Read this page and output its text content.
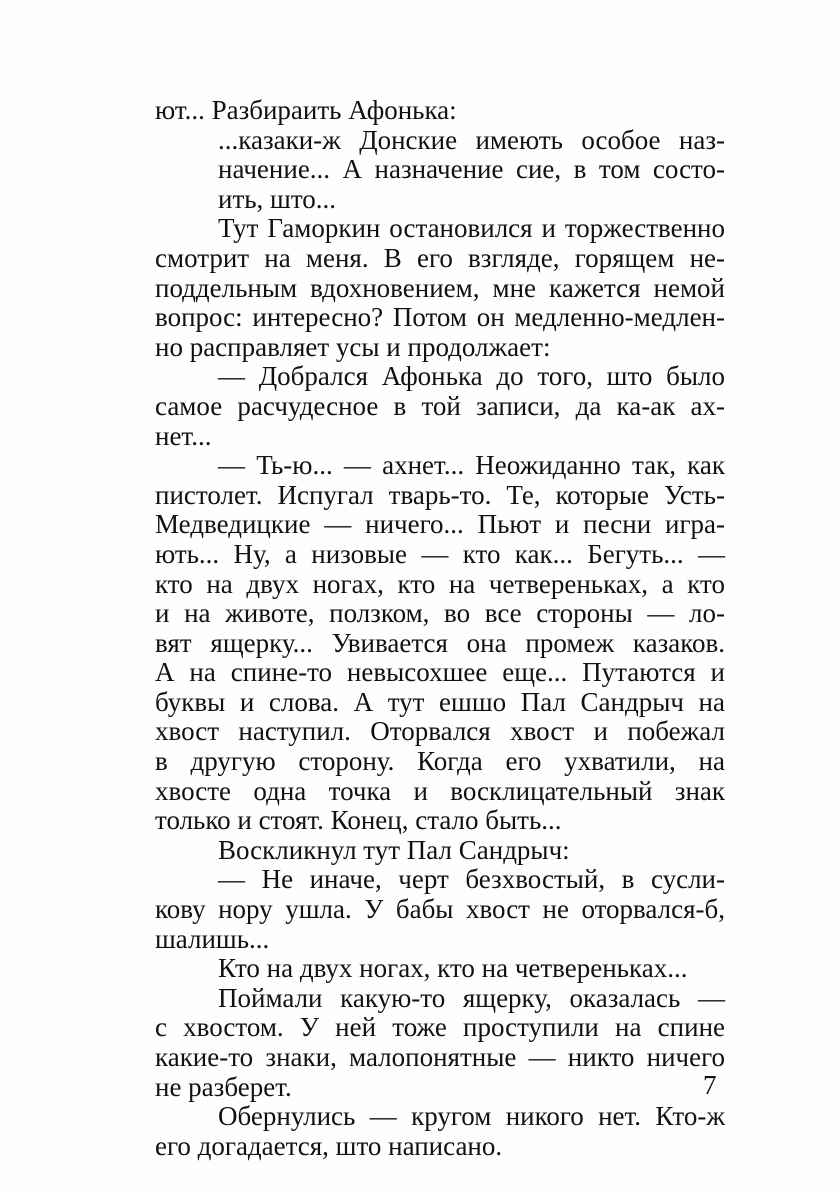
ют... Разбираить Афонька:
...казаки-ж Донские имеють особое наз-
начение... А назначение сие, в том состо-
ить, што...
Тут Гаморкин остановился и торжественно
смотрит на меня. В его взгляде, горящем не-
поддельным вдохновением, мне кажется немой
вопрос: интересно? Потом он медленно-медлен-
но расправляет усы и продолжает:
— Добрался Афонька до того, што было
самое расчудесное в той записи, да ка-ак ах-
нет...
— Ть-ю... — ахнет... Неожиданно так, как
пистолет. Испугал тварь-то. Те, которые Усть-
Медведицкие — ничего... Пьют и песни игра-
ють... Ну, а низовые — кто как... Бегуть... —
кто на двух ногах, кто на четвереньках, а кто
и на животе, ползком, во все стороны — ло-
вят ящерку... Увивается она промеж казаков.
А на спине-то невысохшее еще... Путаются и
буквы и слова. А тут ешшо Пал Сандрыч на
хвост наступил. Оторвался хвост и побежал
в другую сторону. Когда его ухватили, на
хвосте одна точка и восклицательный знак
только и стоят. Конец, стало быть...
Воскликнул тут Пал Сандрыч:
— Не иначе, черт безхвостый, в сусли-
кову нору ушла. У бабы хвост не оторвался-б,
шалишь...
Кто на двух ногах, кто на четвереньках...
Поймали какую-то ящерку, оказалась —
с хвостом. У ней тоже проступили на спине
какие-то знаки, малопонятные — никто ничего
не разберет.
Обернулись — кругом никого нет. Кто-ж
его догадается, што написано.
7
